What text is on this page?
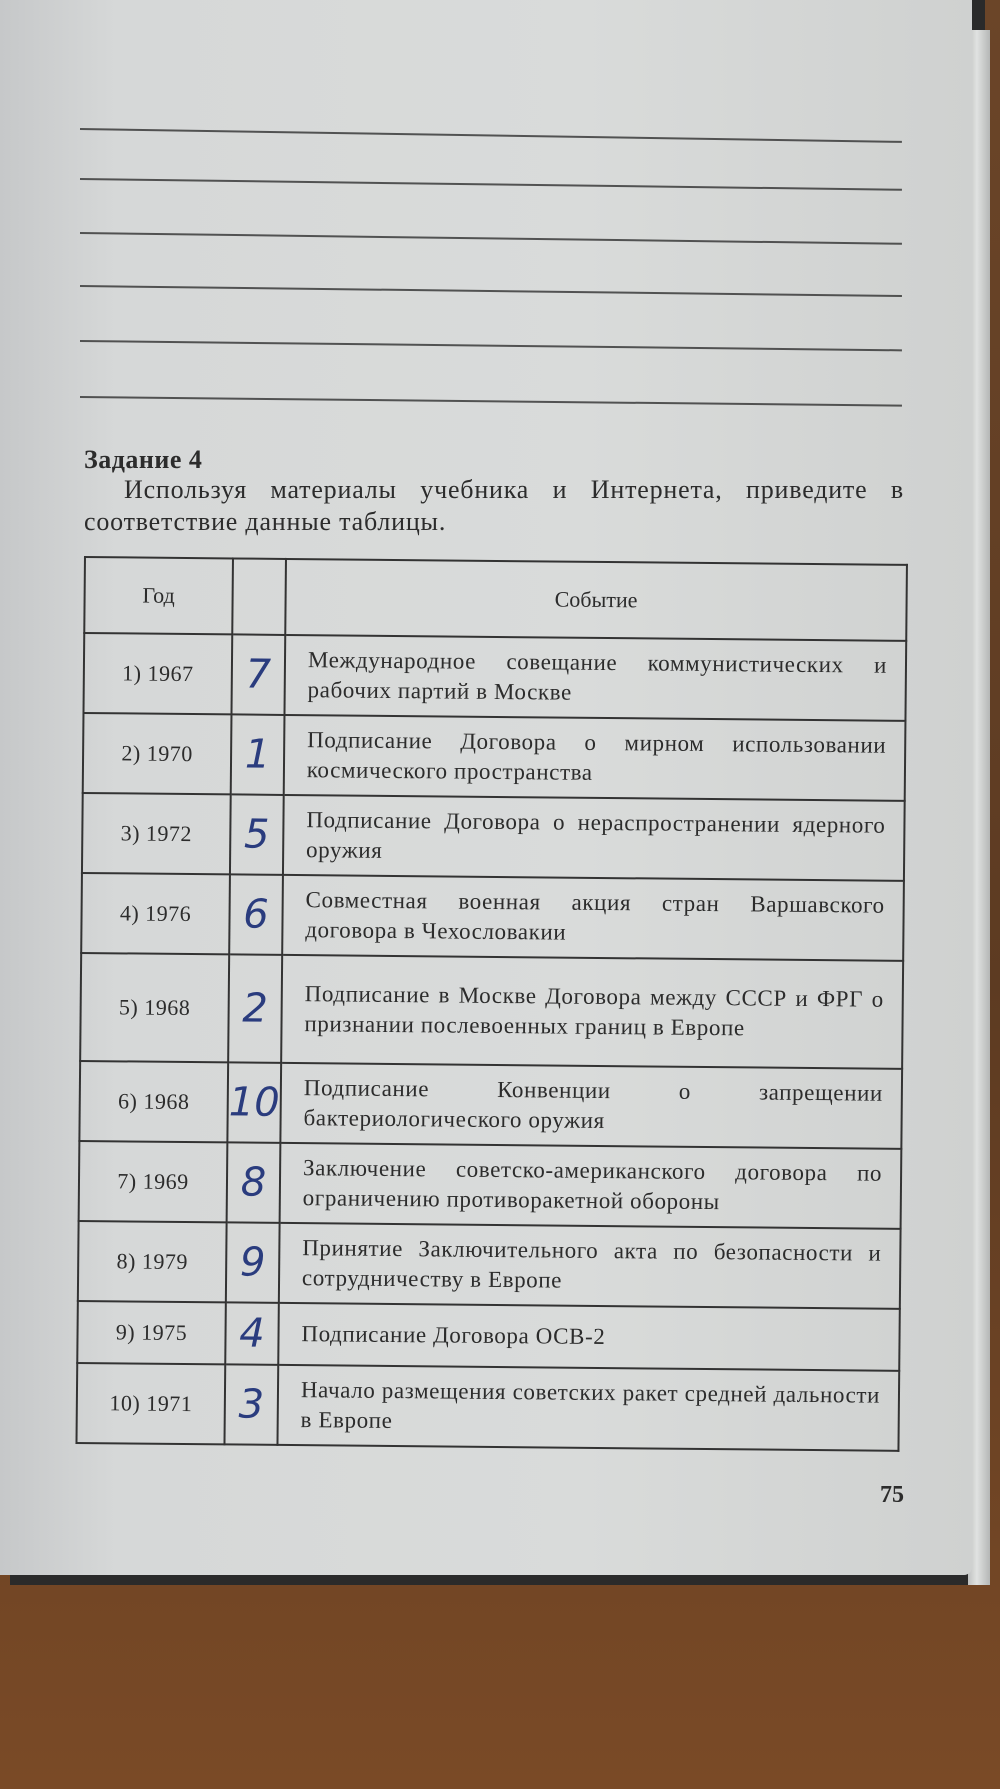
Задание 4
Используя материалы учебника и Интернета, приведите в соответствие данные таблицы.
Год		Событие
1) 1967	7	Международное совещание коммунистических и рабочих партий в Москве
2) 1970	1	Подписание Договора о мирном использовании космического пространства
3) 1972	5	Подписание Договора о нераспространении ядерного оружия
4) 1976	6	Совместная военная акция стран Варшавского договора в Чехословакии
5) 1968	2	Подписание в Москве Договора между СССР и ФРГ о признании послевоенных границ в Европе
6) 1968	10	Подписание Конвенции о запрещении бактериологического оружия
7) 1969	8	Заключение советско-американского договора по ограничению противоракетной обороны
8) 1979	9	Принятие Заключительного акта по безопасности и сотрудничеству в Европе
9) 1975	4	Подписание Договора ОСВ-2
10) 1971	3	Начало размещения советских ракет средней дальности в Европе
75
